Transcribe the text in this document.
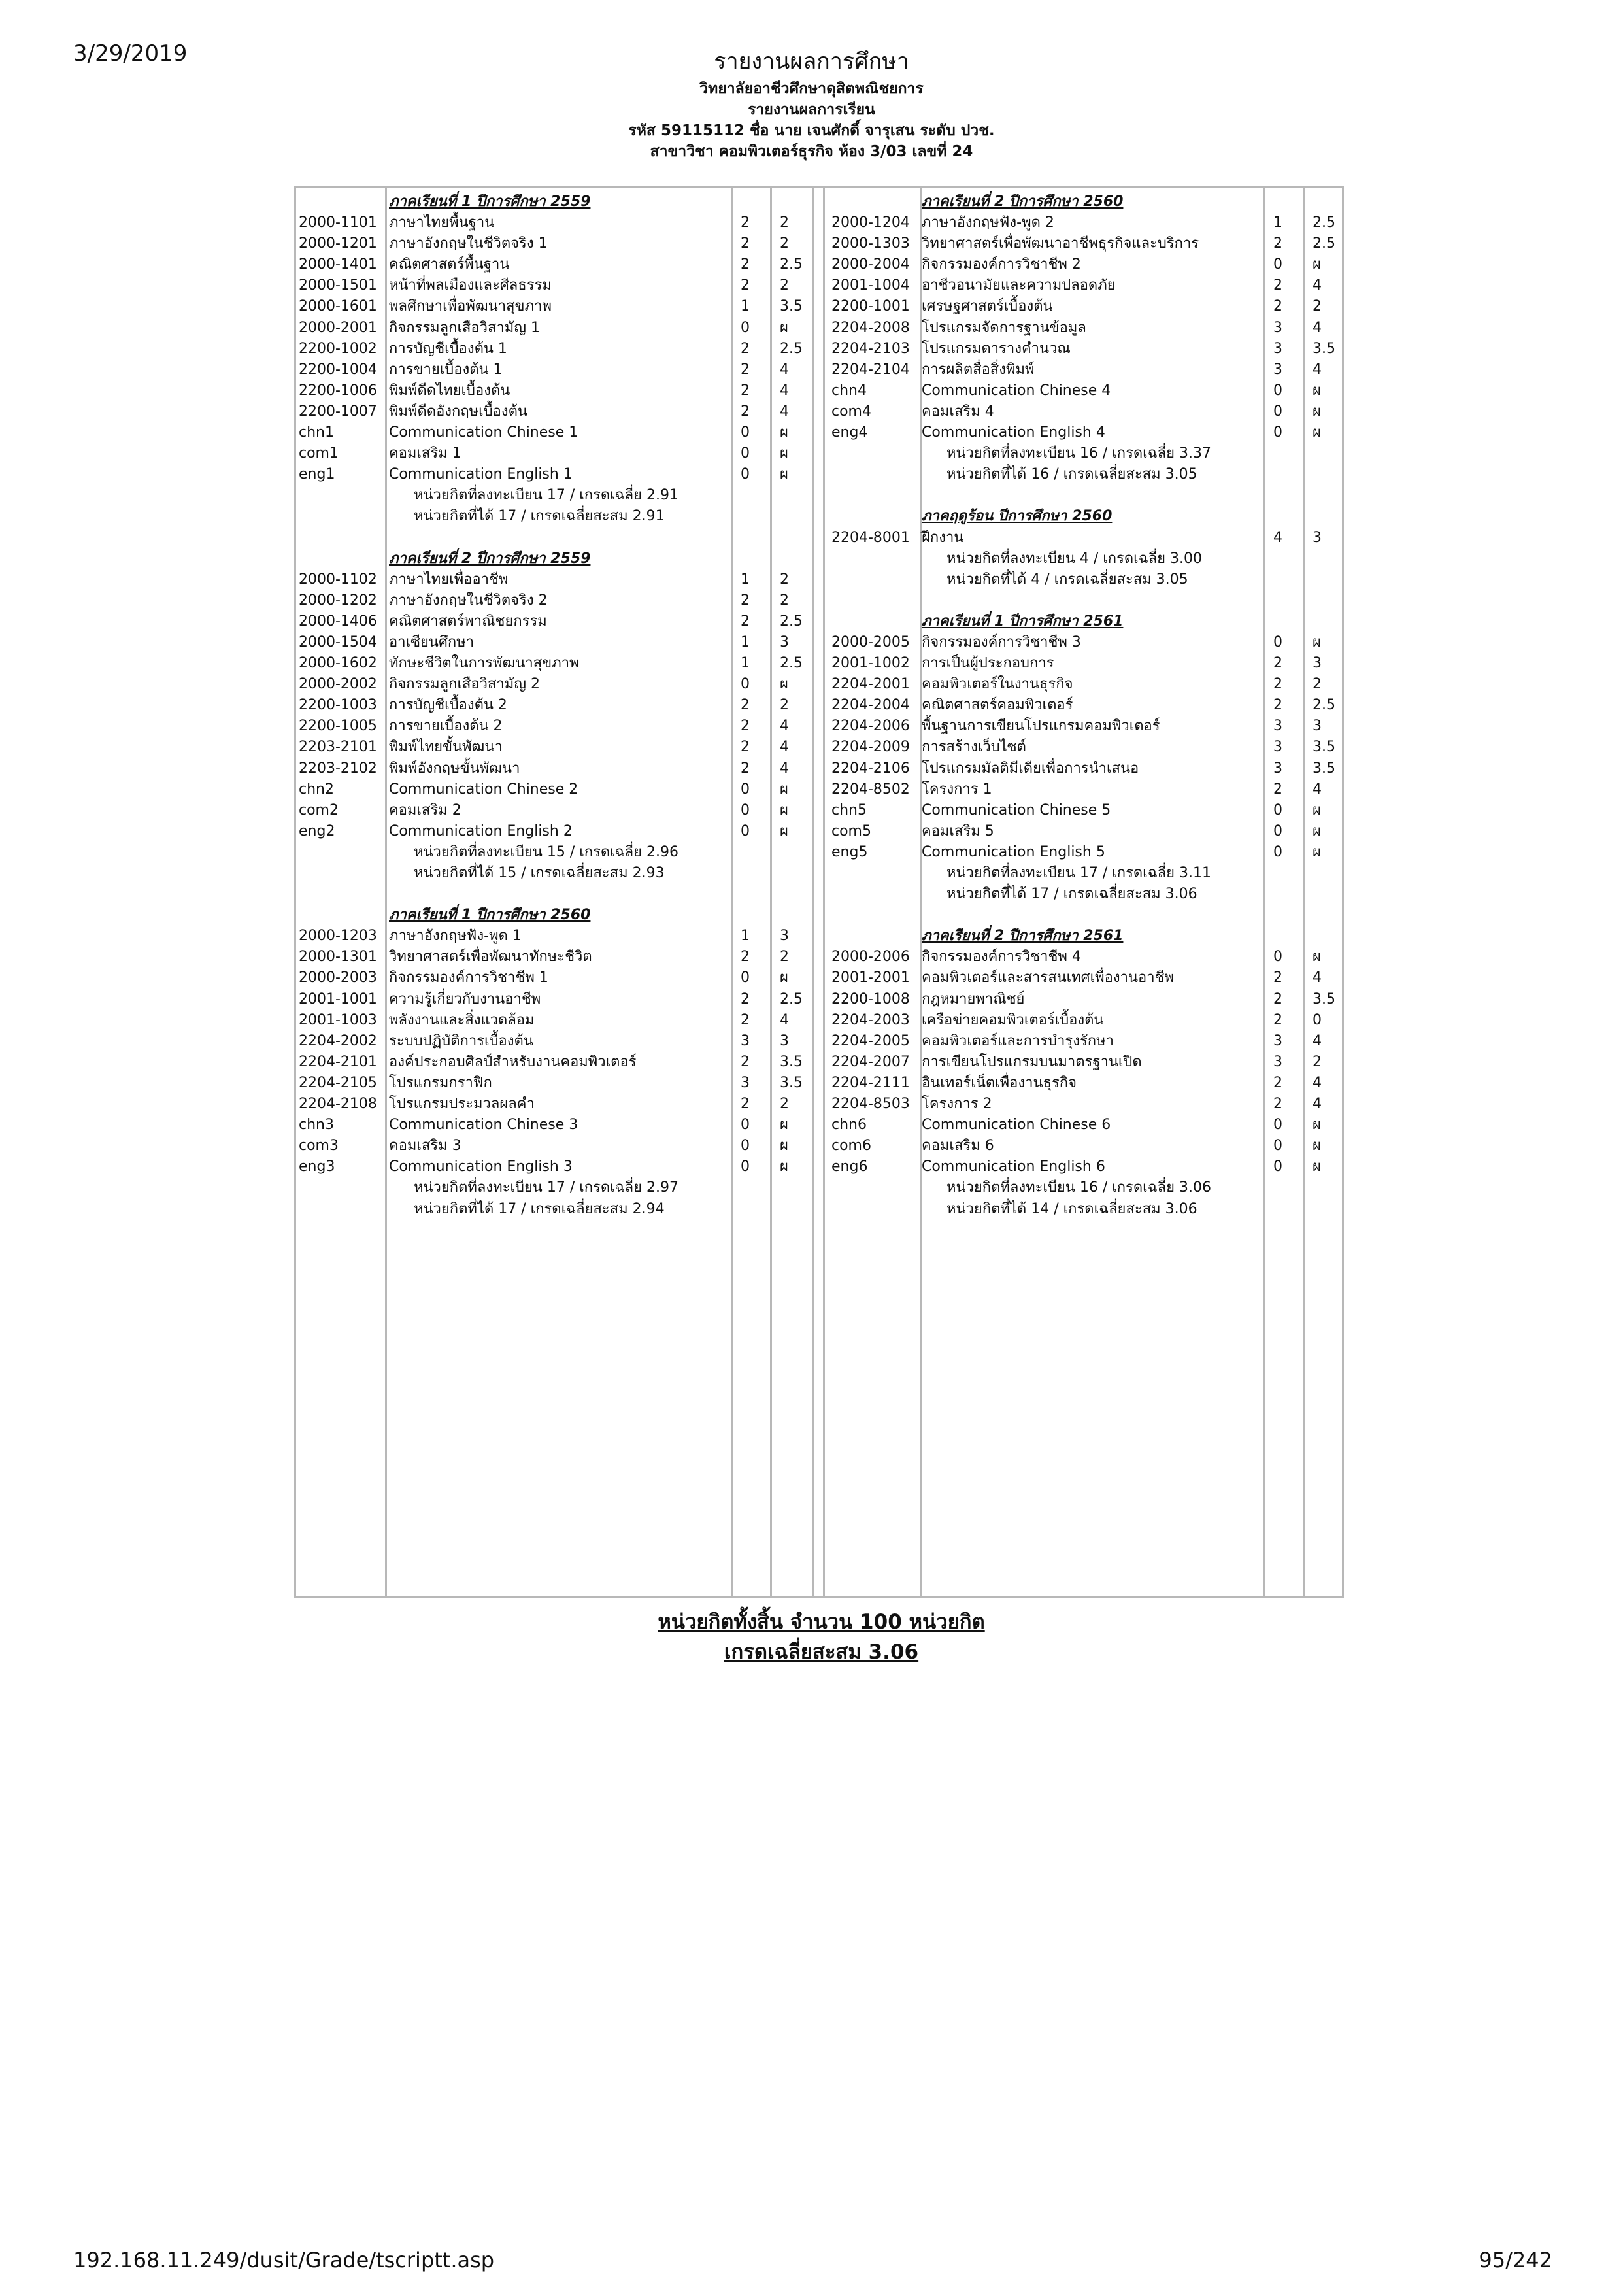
3/29/2019	รายงานผลการศึกษา
วิทยาลัยอาชีวศึกษาดุสิตพณิชยการ
รายงานผลการเรียน
รหัส 59115112 ชื่อ นาย เจนศักดิ์ จารุเสน ระดับ ปวช.
สาขาวิชา คอมพิวเตอร์ธุรกิจ ห้อง 3/03 เลขที่ 24
ภาคเรียนที่ 1 ปีการศึกษา 2559
2000-1101 ภาษาไทยพื้นฐาน	2 2
2000-1201 ภาษาอังกฤษในชีวิตจริง 1	2 2
2000-1401 คณิตศาสตร์พื้นฐาน	2 2.5
2000-1501 หน้าที่พลเมืองและศีลธรรม	2 2
2000-1601 พลศึกษาเพื่อพัฒนาสุขภาพ	1 3.5
2000-2001 กิจกรรมลูกเสือวิสามัญ 1	0 ผ
2200-1002 การบัญชีเบื้องต้น 1	2 2.5
2200-1004 การขายเบื้องต้น 1	2 4
2200-1006 พิมพ์ดีดไทยเบื้องต้น	2 4
2200-1007 พิมพ์ดีดอังกฤษเบื้องต้น	2 4
chn1	Communication Chinese 1	0 ผ
com1	คอมเสริม 1	0 ผ
eng1	Communication English 1	0 ผ
หน่วยกิตที่ลงทะเบียน 17 / เกรดเฉลี่ย 2.91
หน่วยกิตที่ได้ 17 / เกรดเฉลี่ยสะสม 2.91
ภาคเรียนที่ 2 ปีการศึกษา 2559
2000-1102 ภาษาไทยเพื่ออาชีพ	1 2
2000-1202 ภาษาอังกฤษในชีวิตจริง 2	2 2
2000-1406 คณิตศาสตร์พาณิชยกรรม	2 2.5
2000-1504 อาเซียนศึกษา	1 3
2000-1602 ทักษะชีวิตในการพัฒนาสุขภาพ	1 2.5
2000-2002 กิจกรรมลูกเสือวิสามัญ 2	0 ผ
2200-1003 การบัญชีเบื้องต้น 2	2 2
2200-1005 การขายเบื้องต้น 2	2 4
2203-2101 พิมพ์ไทยขั้นพัฒนา	2 4
2203-2102 พิมพ์อังกฤษขั้นพัฒนา	2 4
chn2	Communication Chinese 2	0 ผ
com2	คอมเสริม 2	0 ผ
eng2	Communication English 2	0 ผ
หน่วยกิตที่ลงทะเบียน 15 / เกรดเฉลี่ย 2.96
หน่วยกิตที่ได้ 15 / เกรดเฉลี่ยสะสม 2.93
ภาคเรียนที่ 1 ปีการศึกษา 2560
2000-1203 ภาษาอังกฤษฟัง-พูด 1	1 3
2000-1301 วิทยาศาสตร์เพื่อพัฒนาทักษะชีวิต	2 2
2000-2003 กิจกรรมองค์การวิชาชีพ 1	0 ผ
2001-1001 ความรู้เกี่ยวกับงานอาชีพ	2 2.5
2001-1003 พลังงานและสิ่งแวดล้อม	2 4
2204-2002 ระบบปฏิบัติการเบื้องต้น	3 3
2204-2101 องค์ประกอบศิลป์สำหรับงานคอมพิวเตอร์	2 3.5
2204-2105 โปรแกรมกราฟิก	3 3.5
2204-2108 โปรแกรมประมวลผลคำ	2 2
chn3	Communication Chinese 3	0 ผ
com3	คอมเสริม 3	0 ผ
eng3	Communication English 3	0 ผ
หน่วยกิตที่ลงทะเบียน 17 / เกรดเฉลี่ย 2.97
หน่วยกิตที่ได้ 17 / เกรดเฉลี่ยสะสม 2.94
ภาคเรียนที่ 2 ปีการศึกษา 2560
2000-1204 ภาษาอังกฤษฟัง-พูด 2	1 2.5
2000-1303 วิทยาศาสตร์เพื่อพัฒนาอาชีพธุรกิจและบริการ	2 2.5
2000-2004 กิจกรรมองค์การวิชาชีพ 2	0 ผ
2001-1004 อาชีวอนามัยและความปลอดภัย	2 4
2200-1001 เศรษฐศาสตร์เบื้องต้น	2 2
2204-2008 โปรแกรมจัดการฐานข้อมูล	3 4
2204-2103 โปรแกรมตารางคำนวณ	3 3.5
2204-2104 การผลิตสื่อสิ่งพิมพ์	3 4
chn4	Communication Chinese 4	0 ผ
com4	คอมเสริม 4	0 ผ
eng4	Communication English 4	0 ผ
หน่วยกิตที่ลงทะเบียน 16 / เกรดเฉลี่ย 3.37
หน่วยกิตที่ได้ 16 / เกรดเฉลี่ยสะสม 3.05
ภาคฤดูร้อน ปีการศึกษา 2560
2204-8001 ฝึกงาน	4 3
หน่วยกิตที่ลงทะเบียน 4 / เกรดเฉลี่ย 3.00
หน่วยกิตที่ได้ 4 / เกรดเฉลี่ยสะสม 3.05
ภาคเรียนที่ 1 ปีการศึกษา 2561
2000-2005 กิจกรรมองค์การวิชาชีพ 3	0 ผ
2001-1002 การเป็นผู้ประกอบการ	2 3
2204-2001 คอมพิวเตอร์ในงานธุรกิจ	2 2
2204-2004 คณิตศาสตร์คอมพิวเตอร์	2 2.5
2204-2006 พื้นฐานการเขียนโปรแกรมคอมพิวเตอร์	3 3
2204-2009 การสร้างเว็บไซต์	3 3.5
2204-2106 โปรแกรมมัลติมีเดียเพื่อการนำเสนอ	3 3.5
2204-8502 โครงการ 1	2 4
chn5	Communication Chinese 5	0 ผ
com5	คอมเสริม 5	0 ผ
eng5	Communication English 5	0 ผ
หน่วยกิตที่ลงทะเบียน 17 / เกรดเฉลี่ย 3.11
หน่วยกิตที่ได้ 17 / เกรดเฉลี่ยสะสม 3.06
ภาคเรียนที่ 2 ปีการศึกษา 2561
2000-2006 กิจกรรมองค์การวิชาชีพ 4	0 ผ
2001-2001 คอมพิวเตอร์และสารสนเทศเพื่องานอาชีพ	2 4
2200-1008 กฎหมายพาณิชย์	2 3.5
2204-2003 เครือข่ายคอมพิวเตอร์เบื้องต้น	2 0
2204-2005 คอมพิวเตอร์และการบำรุงรักษา	3 4
2204-2007 การเขียนโปรแกรมบนมาตรฐานเปิด	3 2
2204-2111 อินเทอร์เน็ตเพื่องานธุรกิจ	2 4
2204-8503 โครงการ 2	2 4
chn6	Communication Chinese 6	0 ผ
com6	คอมเสริม 6	0 ผ
eng6	Communication English 6	0 ผ
หน่วยกิตที่ลงทะเบียน 16 / เกรดเฉลี่ย 3.06
หน่วยกิตที่ได้ 14 / เกรดเฉลี่ยสะสม 3.06
หน่วยกิตทั้งสิ้น จำนวน 100 หน่วยกิต
เกรดเฉลี่ยสะสม 3.06
192.168.11.249/dusit/Grade/tscriptt.asp	95/242
